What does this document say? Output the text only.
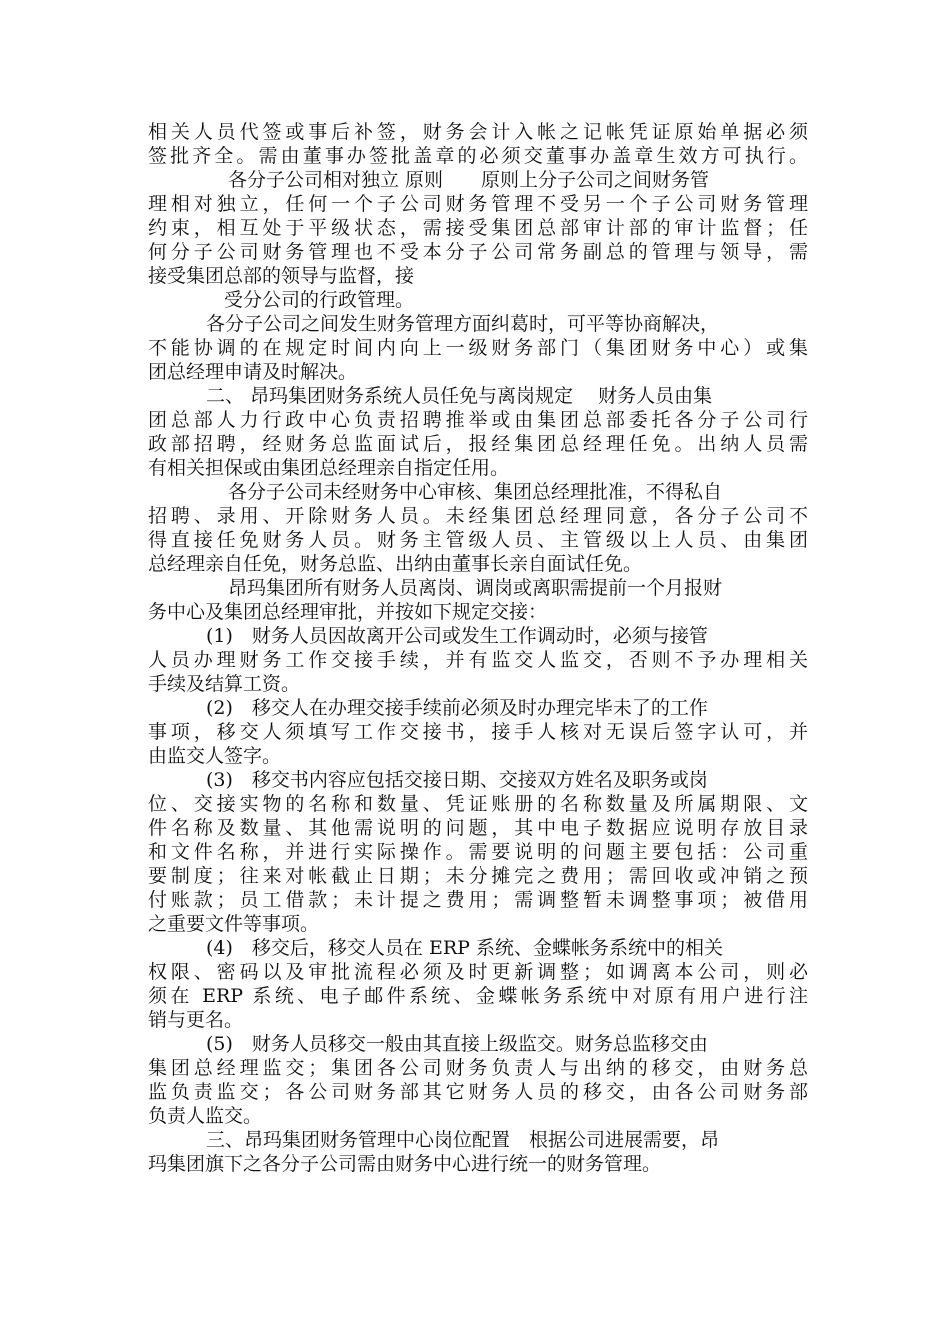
相关人员代签或事后补签，财务会计入帐之记帐凭证原始单据必须
签批齐全。需由董事办签批盖章的必须交董事办盖章生效方可执行。
各分子公司相对独立 原则　　原则上分子公司之间财务管
理相对独立，任何一个子公司财务管理不受另一个子公司财务管理
约束，相互处于平级状态，需接受集团总部审计部的审计监督；任
何分子公司财务管理也不受本分子公司常务副总的管理与领导，需
接受集团总部的领导与监督，接
受分公司的行政管理。
各分子公司之间发生财务管理方面纠葛时，可平等协商解决，
不能协调的在规定时间内向上一级财务部门（集团财务中心）或集
团总经理申请及时解决。
二、 昂玛集团财务系统人员任免与离岗规定　 财务人员由集
团总部人力行政中心负责招聘推举或由集团总部委托各分子公司行
政部招聘，经财务总监面试后，报经集团总经理任免。出纳人员需
有相关担保或由集团总经理亲自指定任用。
各分子公司未经财务中心审核、集团总经理批准，不得私自
招聘、录用、开除财务人员。未经集团总经理同意，各分子公司不
得直接任免财务人员。财务主管级人员、主管级以上人员、由集团
总经理亲自任免，财务总监、出纳由董事长亲自面试任免。
昂玛集团所有财务人员离岗、调岗或离职需提前一个月报财
务中心及集团总经理审批，并按如下规定交接：
(1)　财务人员因故离开公司或发生工作调动时，必须与接管
人员办理财务工作交接手续，并有监交人监交，否则不予办理相关
手续及结算工资。
(2)　移交人在办理交接手续前必须及时办理完毕未了的工作
事项，移交人须填写工作交接书，接手人核对无误后签字认可，并
由监交人签字。
(3)　移交书内容应包括交接日期、交接双方姓名及职务或岗
位、交接实物的名称和数量、凭证账册的名称数量及所属期限、文
件名称及数量、其他需说明的问题，其中电子数据应说明存放目录
和文件名称，并进行实际操作。需要说明的问题主要包括：公司重
要制度；往来对帐截止日期；未分摊完之费用；需回收或冲销之预
付账款；员工借款；未计提之费用；需调整暂未调整事项；被借用
之重要文件等事项。
(4)　移交后，移交人员在 ERP 系统、金蝶帐务系统中的相关
权限、密码以及审批流程必须及时更新调整；如调离本公司，则必
须在 ERP 系统、电子邮件系统、金蝶帐务系统中对原有用户进行注
销与更名。
(5)　财务人员移交一般由其直接上级监交。财务总监移交由
集团总经理监交；集团各公司财务负责人与出纳的移交，由财务总
监负责监交；各公司财务部其它财务人员的移交，由各公司财务部
负责人监交。
三、昂玛集团财务管理中心岗位配置　根据公司进展需要，昂
玛集团旗下之各分子公司需由财务中心进行统一的财务管理。
